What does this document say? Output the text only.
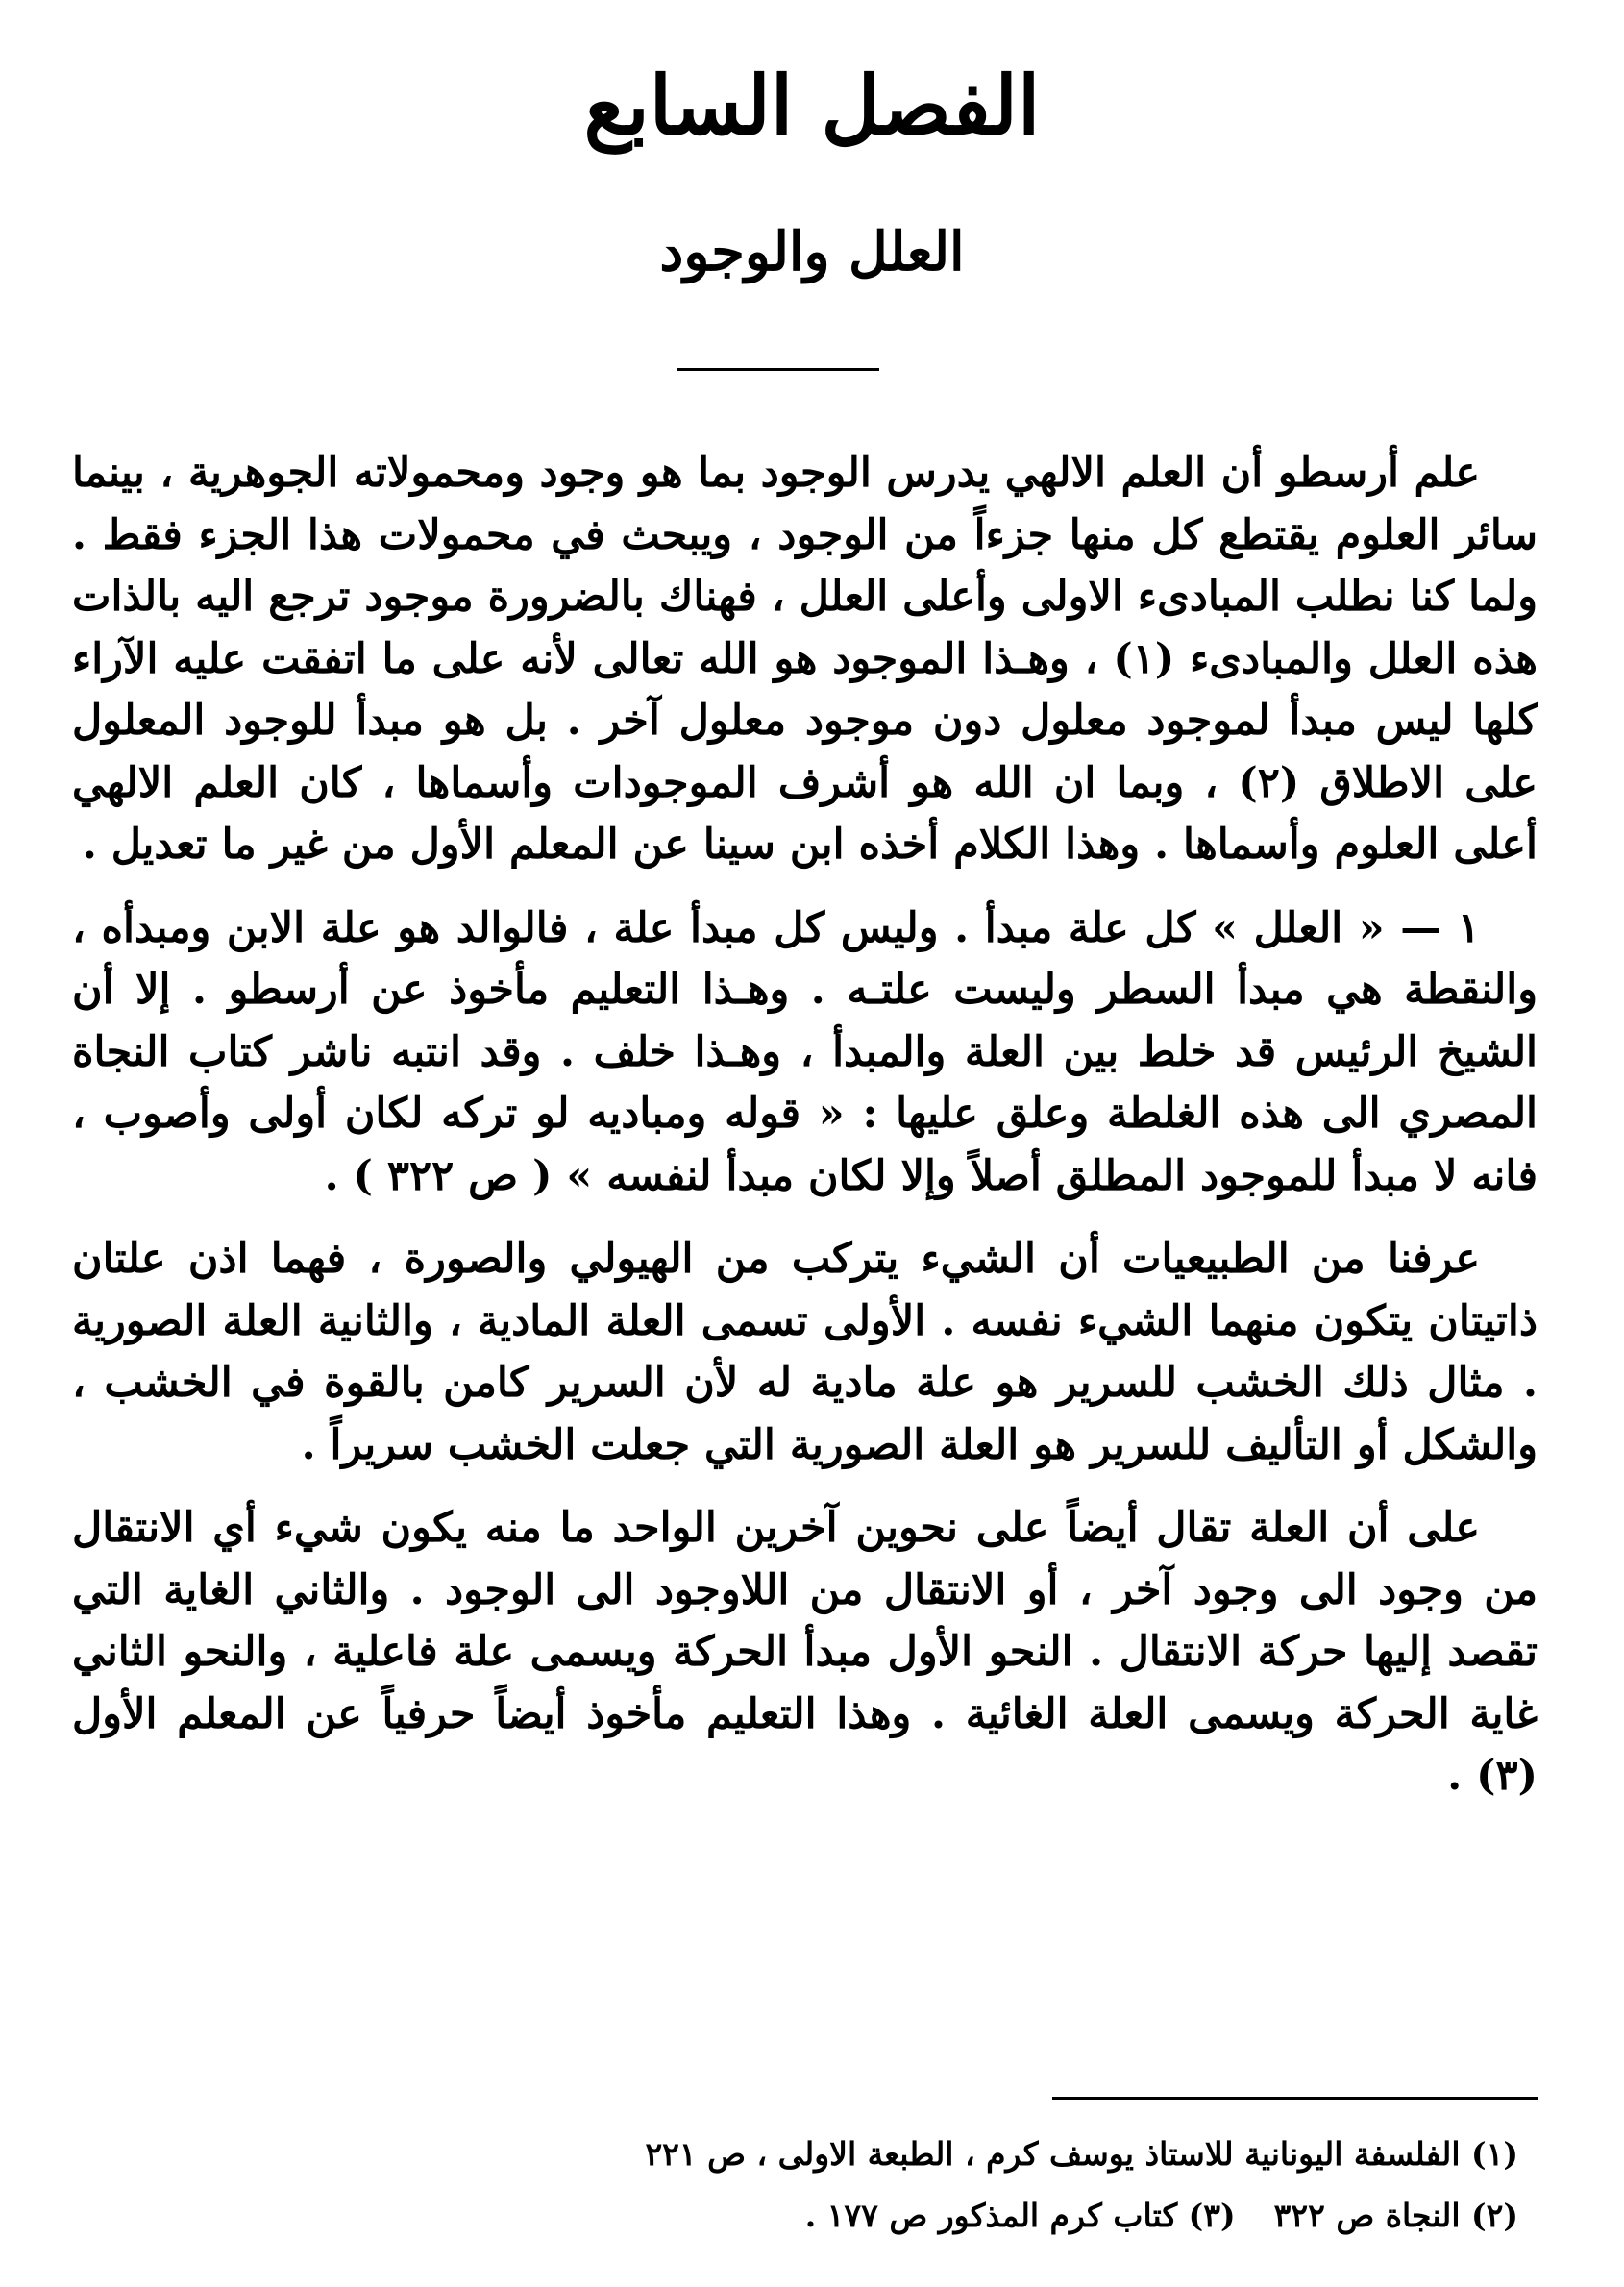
الفصل السابع
العلل والوجود

علم أرسطو أن العلم الالهي يدرس الوجود بما هو وجود ومحمولاته الجوهرية ، بينما سائر العلوم يقتطع كل منها جزءاً من الوجود ، ويبحث في محمولات هذا الجزء فقط . ولما كنا نطلب المبادىء الاولى وأعلى العلل ، فهناك بالضرورة موجود ترجع اليه بالذات هذه العلل والمبادىء (١) ، وهـذا الموجود هو الله تعالى لأنه على ما اتفقت عليه الآراء كلها ليس مبدأ لموجود معلول دون موجود معلول آخر . بل هو مبدأ للوجود المعلول على الاطلاق (٢) ، وبما ان الله هو أشرف الموجودات وأسماها ، كان العلم الالهي أعلى العلوم وأسماها . وهذا الكلام أخذه ابن سينا عن المعلم الأول من غير ما تعديل .

١ — « العلل » كل علة مبدأ . وليس كل مبدأ علة ، فالوالد هو علة الابن ومبدأه ، والنقطة هي مبدأ السطر وليست علتـه . وهـذا التعليم مأخوذ عن أرسطو . إلا أن الشيخ الرئيس قد خلط بين العلة والمبدأ ، وهـذا خلف . وقد انتبه ناشر كتاب النجاة المصري الى هذه الغلطة وعلق عليها : « قوله ومباديه لو تركه لكان أولى وأصوب ، فانه لا مبدأ للموجود المطلق أصلاً وإلا لكان مبدأ لنفسه » ( ص ٣٢٢ ) .

عرفنا من الطبيعيات أن الشيء يتركب من الهيولي والصورة ، فهما اذن علتان ذاتيتان يتكون منهما الشيء نفسه . الأولى تسمى العلة المادية ، والثانية العلة الصورية . مثال ذلك الخشب للسرير هو علة مادية له لأن السرير كامن بالقوة في الخشب ، والشكل أو التأليف للسرير هو العلة الصورية التي جعلت الخشب سريراً .

على أن العلة تقال أيضاً على نحوين آخرين الواحد ما منه يكون شيء أي الانتقال من وجود الى وجود آخر ، أو الانتقال من اللاوجود الى الوجود . والثاني الغاية التي تقصد إليها حركة الانتقال . النحو الأول مبدأ الحركة ويسمى علة فاعلية ، والنحو الثاني غاية الحركة ويسمى العلة الغائية . وهذا التعليم مأخوذ أيضاً حرفياً عن المعلم الأول (٣) .

(١) الفلسفة اليونانية للاستاذ يوسف كرم ، الطبعة الاولى ، ص ٢٢١

(٢) النجاة ص ٣٢٢(٣) كتاب كرم المذكور ص ١٧٧ .
